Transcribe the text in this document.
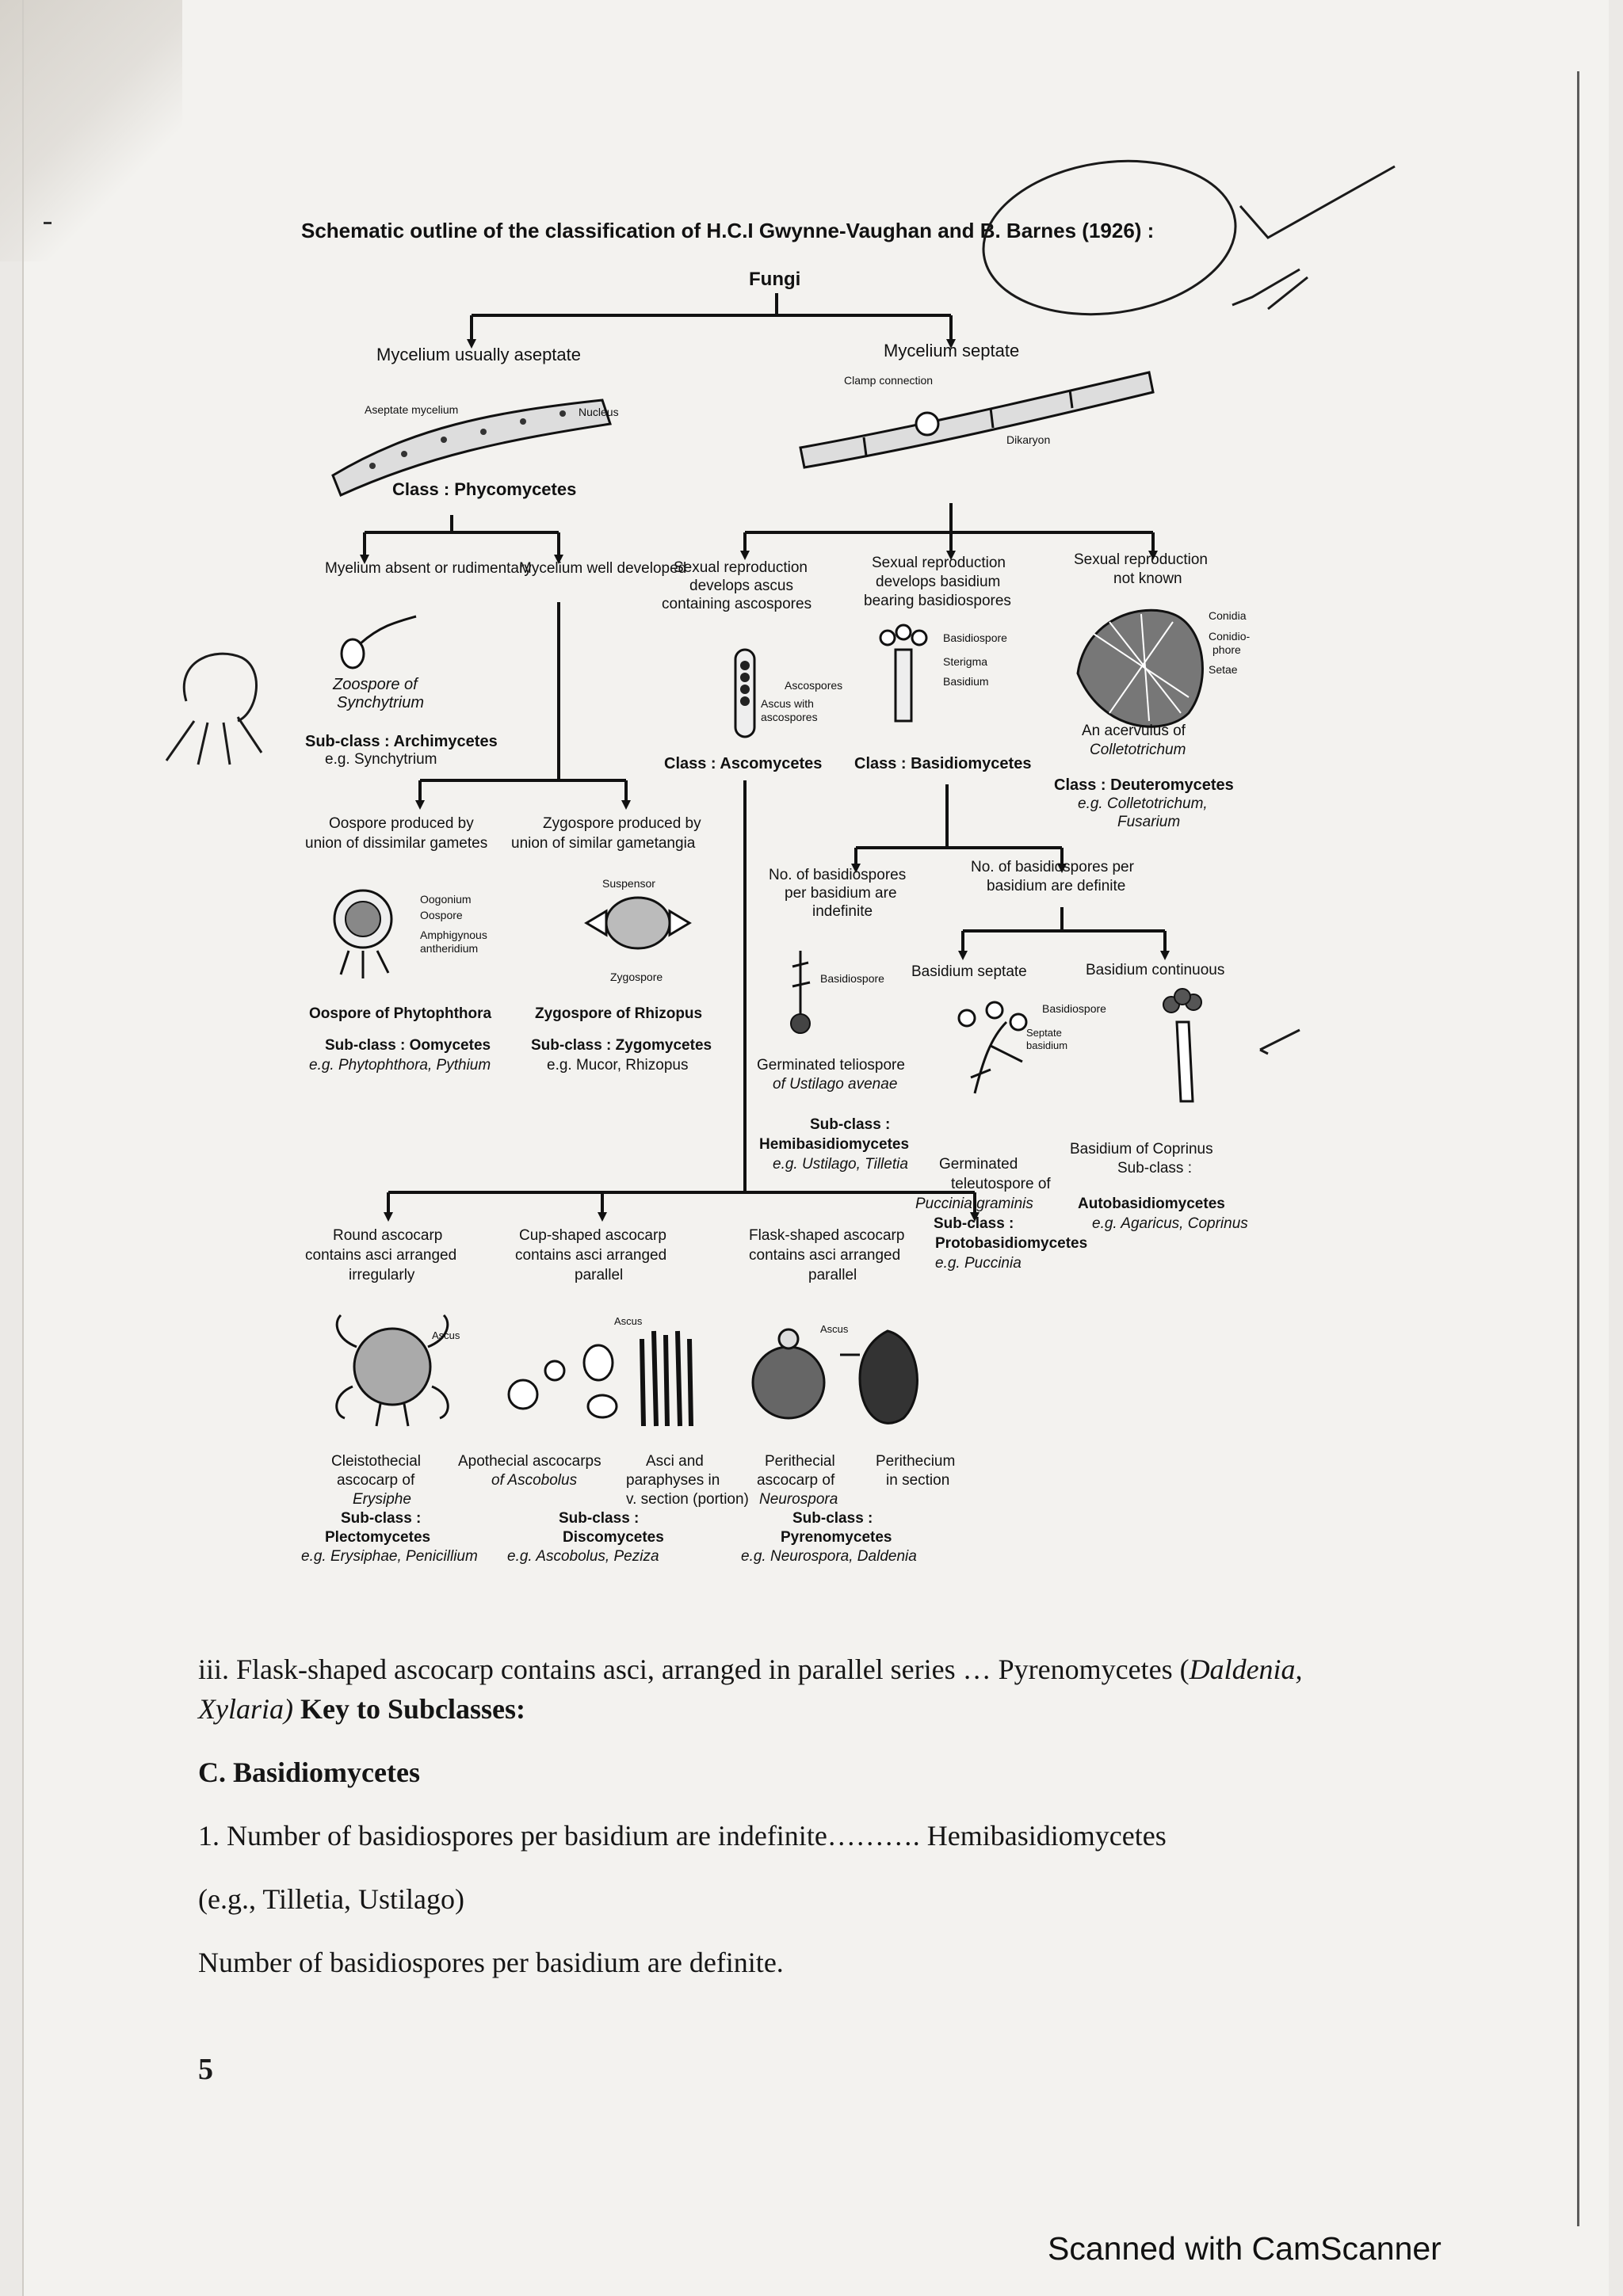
Schematic outline of the classification of H.C.I Gwynne-Vaughan and B. Barnes (1926) :
Fungi
Mycelium usually aseptate
Aseptate mycelium	Nucleus
Class : Phycomycetes
Myelium absent or rudimentary
Mycelium well developed
Zoospore of
Synchytrium
Sub-class : Archimycetes
e.g. Synchytrium
Oospore produced by
union of dissimilar gametes
Zygospore produced by
union of similar gametangia
Oogonium
Oospore
Amphigynous
antheridium
Suspensor
Zygospore
Oospore of Phytophthora
Sub-class : Oomycetes
e.g. Phytophthora, Pythium
Zygospore of Rhizopus
Sub-class : Zygomycetes
e.g. Mucor, Rhizopus
Mycelium septate
Clamp connection
Dikaryon
Sexual reproduction
develops ascus
containing ascospores
Sexual reproduction
develops basidium
bearing basidiospores
Sexual reproduction
not known
Ascospores
Ascus with
ascospores
Basidiospore
Sterigma
Basidium
Conidia
Conidio-
phore
Setae
An acervulus of
Colletotrichum
Class : Ascomycetes Class : Basidiomycetes
Class : Deuteromycetes
e.g. Colletotrichum,
Fusarium
No. of basidiospores
per basidium are
indefinite
No. of basidiospores per
basidium are definite
Basidiospore Basidium septate	Basidium continuous
Basidiospore
Septate
basidium
Germinated teliospore
of Ustilago avenae
Sub-class :
Hemibasidiomycetes
e.g. Ustilago, Tilletia Germinated
teleutospore of
Puccinia graminis
Sub-class :
Protobasidiomycetes
e.g. Puccinia
Basidium of Coprinus
Sub-class :
Autobasidiomycetes
e.g. Agaricus, Coprinus
Round ascocarp
contains asci arranged
irregularly
Cup-shaped ascocarp
contains asci arranged
parallel
Flask-shaped ascocarp
contains asci arranged
parallel
Ascus
Ascus
Ascus
Cleistothecial
ascocarp of
Erysiphe
Sub-class :
Plectomycetes
e.g. Erysiphae, Penicillium
Apothecial ascocarps
of Ascobolus
Asci and
paraphyses in
v. section (portion)
Sub-class :
Discomycetes
e.g. Ascobolus, Peziza
Perithecial
ascocarp of
Neurospora
Perithecium
in section
Sub-class :
Pyrenomycetes
e.g. Neurospora, Daldenia
iii. Flask-shaped ascocarp contains asci, arranged in parallel series … Pyrenomycetes (Daldenia,
Xylaria) Key to Subclasses:
C. Basidiomycetes
1. Number of basidiospores per basidium are indefinite………. Hemibasidiomycetes
(e.g., Tilletia, Ustilago)
Number of basidiospores per basidium are definite.
5
Scanned with CamScanner
